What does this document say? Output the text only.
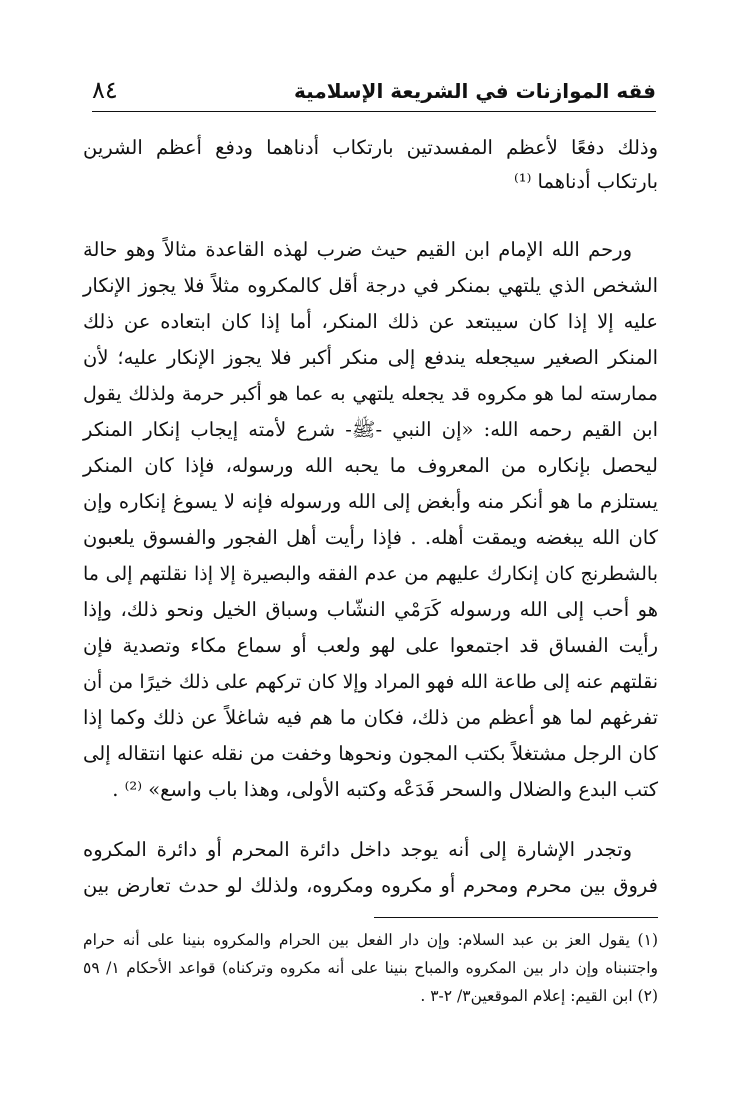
فقه الموازنات في الشريعة الإسلامية
٨٤
وذلك دفعًا لأعظم المفسدتين بارتكاب أدناهما ودفع أعظم الشرين
بارتكاب أدناهما ⁽¹⁾
ورحم الله الإمام ابن القيم حيث ضرب لهذه القاعدة مثالاً وهو حالة
الشخص الذي يلتهي بمنكر في درجة أقل كالمكروه مثلاً فلا يجوز الإنكار
عليه إلا إذا كان سيبتعد عن ذلك المنكر، أما إذا كان ابتعاده عن ذلك
المنكر الصغير سيجعله يندفع إلى منكر أكبر فلا يجوز الإنكار عليه؛ لأن
ممارسته لما هو مكروه قد يجعله يلتهي به عما هو أكبر حرمة ولذلك يقول
ابن القيم رحمه الله: «إن النبي -ﷺ- شرع لأمته إيجاب إنكار المنكر
ليحصل بإنكاره من المعروف ما يحبه الله ورسوله، فإذا كان المنكر
يستلزم ما هو أنكر منه وأبغض إلى الله ورسوله فإنه لا يسوغ إنكاره وإن
كان الله يبغضه ويمقت أهله. . فإذا رأيت أهل الفجور والفسوق يلعبون
بالشطرنج كان إنكارك عليهم من عدم الفقه والبصيرة إلا إذا نقلتهم إلى ما
هو أحب إلى الله ورسوله كَرَمْي النشّاب وسباق الخيل ونحو ذلك، وإذا
رأيت الفساق قد اجتمعوا على لهو ولعب أو سماع مكاء وتصدية فإن
نقلتهم عنه إلى طاعة الله فهو المراد وإلا كان تركهم على ذلك خيرًا من أن
تفرغهم لما هو أعظم من ذلك، فكان ما هم فيه شاغلاً عن ذلك وكما إذا
كان الرجل مشتغلاً بكتب المجون ونحوها وخفت من نقله عنها انتقاله إلى
كتب البدع والضلال والسحر فَدَعْه وكتبه الأولى، وهذا باب واسع» ⁽²⁾ .
وتجدر الإشارة إلى أنه يوجد داخل دائرة المحرم أو دائرة المكروه
فروق بين محرم ومحرم أو مكروه ومكروه، ولذلك لو حدث تعارض بين
(١) يقول العز بن عبد السلام: وإن دار الفعل بين الحرام والمكروه بنينا على أنه حرام
واجتنبناه وإن دار بين المكروه والمباح بنينا على أنه مكروه وتركناه) قواعد الأحكام ١/ ٥٩
(٢) ابن القيم: إعلام الموقعين٣/ ٢-٣ .
